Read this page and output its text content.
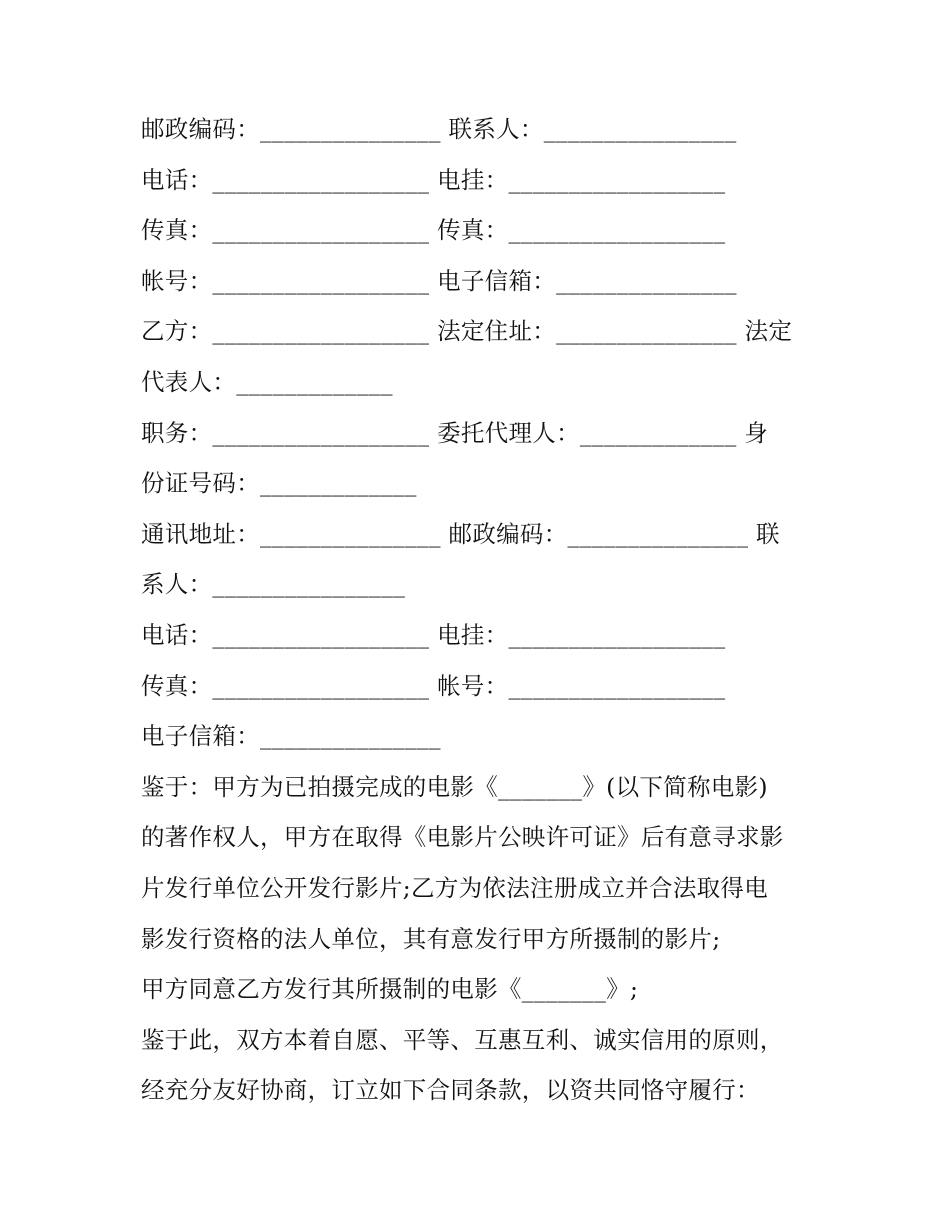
邮政编码：_______________ 联系人：________________
电话：__________________ 电挂：__________________
传真：__________________ 传真：__________________
帐号：__________________ 电子信箱：_______________
乙方：__________________ 法定住址：_______________ 法定
代表人：_____________
职务：__________________ 委托代理人：_____________ 身
份证号码：_____________
通讯地址：_______________ 邮政编码：_______________ 联
系人：________________
电话：__________________ 电挂：__________________
传真：__________________ 帐号：__________________
电子信箱：_______________
鉴于：甲方为已拍摄完成的电影《_______》(以下简称电影)
的著作权人，甲方在取得《电影片公映许可证》后有意寻求影
片发行单位公开发行影片;乙方为依法注册成立并合法取得电
影发行资格的法人单位，其有意发行甲方所摄制的影片;
甲方同意乙方发行其所摄制的电影《_______》;
鉴于此，双方本着自愿、平等、互惠互利、诚实信用的原则，
经充分友好协商，订立如下合同条款，以资共同恪守履行：
